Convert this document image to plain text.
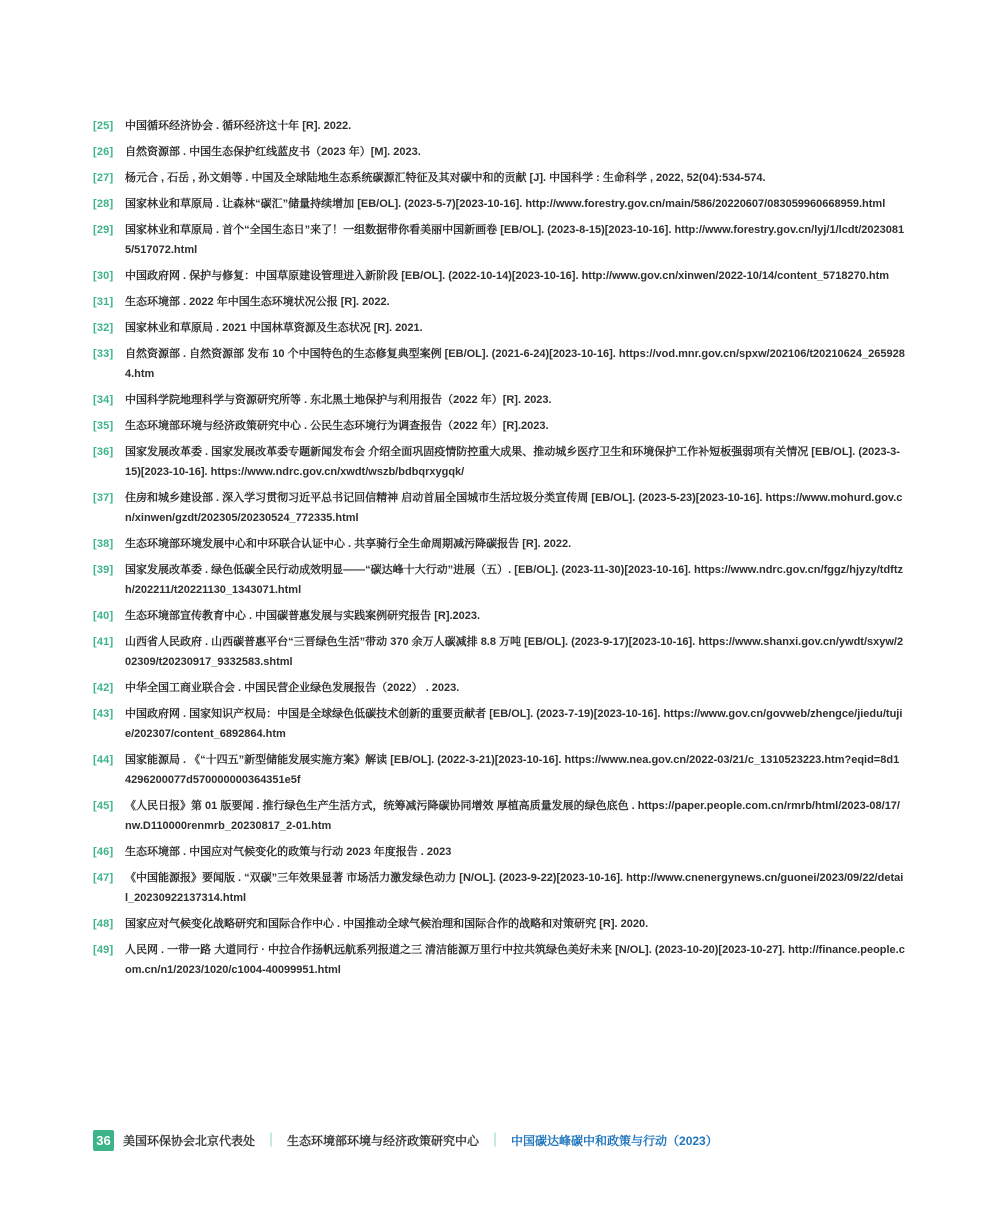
[25]	中国循环经济协会 . 循环经济这十年 [R]. 2022.
[26]	自然资源部 . 中国生态保护红线蓝皮书（2023 年）[M]. 2023.
[27]	杨元合 , 石岳 , 孙文娟等 . 中国及全球陆地生态系统碳源汇特征及其对碳中和的贡献 [J]. 中国科学 : 生命科学 , 2022, 52(04):534-574.
[28]	国家林业和草原局 . 让森林“碳汇”储量持续增加 [EB/OL]. (2023-5-7)[2023-10-16]. http://www.forestry.gov.cn/main/586/20220607/083059960668959.html
[29]	国家林业和草原局 . 首个“全国生态日”来了！一组数据带你看美丽中国新画卷 [EB/OL]. (2023-8-15)[2023-10-16]. http://www.forestry.gov.cn/lyj/1/lcdt/20230815/517072.html
[30]	中国政府网 . 保护与修复：中国草原建设管理进入新阶段 [EB/OL]. (2022-10-14)[2023-10-16]. http://www.gov.cn/xinwen/2022-10/14/content_5718270.htm
[31]	生态环境部 . 2022 年中国生态环境状况公报 [R]. 2022.
[32]	国家林业和草原局 . 2021 中国林草资源及生态状况 [R]. 2021.
[33]	自然资源部 . 自然资源部 发布 10 个中国特色的生态修复典型案例 [EB/OL]. (2021-6-24)[2023-10-16]. https://vod.mnr.gov.cn/spxw/202106/t20210624_2659284.htm
[34]	中国科学院地理科学与资源研究所等 . 东北黑土地保护与利用报告（2022 年）[R]. 2023.
[35]	生态环境部环境与经济政策研究中心 . 公民生态环境行为调查报告（2022 年）[R].2023.
[36]	国家发展改革委 . 国家发展改革委专题新闻发布会 介绍全面巩固疫情防控重大成果、推动城乡医疗卫生和环境保护工作补短板强弱项有关情况 [EB/OL]. (2023-3-15)[2023-10-16]. https://www.ndrc.gov.cn/xwdt/wszb/bdbqrxygqk/
[37]	住房和城乡建设部 . 深入学习贯彻习近平总书记回信精神 启动首届全国城市生活垃圾分类宣传周 [EB/OL]. (2023-5-23)[2023-10-16]. https://www.mohurd.gov.cn/xinwen/gzdt/202305/20230524_772335.html
[38]	生态环境部环境发展中心和中环联合认证中心 . 共享骑行全生命周期减污降碳报告 [R]. 2022.
[39]	国家发展改革委 . 绿色低碳全民行动成效明显——“碳达峰十大行动”进展（五）. [EB/OL]. (2023-11-30)[2023-10-16]. https://www.ndrc.gov.cn/fggz/hjyzy/tdftzh/202211/t20221130_1343071.html
[40]	生态环境部宣传教育中心 . 中国碳普惠发展与实践案例研究报告 [R].2023.
[41]	山西省人民政府 . 山西碳普惠平台“三晋绿色生活”带动 370 余万人碳减排 8.8 万吨 [EB/OL]. (2023-9-17)[2023-10-16]. https://www.shanxi.gov.cn/ywdt/sxyw/202309/t20230917_9332583.shtml
[42]	中华全国工商业联合会 . 中国民营企业绿色发展报告（2022） . 2023.
[43]	中国政府网 . 国家知识产权局：中国是全球绿色低碳技术创新的重要贡献者 [EB/OL]. (2023-7-19)[2023-10-16]. https://www.gov.cn/govweb/zhengce/jiedu/tujie/202307/content_6892864.htm
[44]	国家能源局 . 《“十四五”新型储能发展实施方案》解读 [EB/OL]. (2022-3-21)[2023-10-16]. https://www.nea.gov.cn/2022-03/21/c_1310523223.htm?eqid=8d14296200077d570000000364351e5f
[45]	《人民日报》第 01 版要闻 . 推行绿色生产生活方式，统筹减污降碳协同增效 厚植高质量发展的绿色底色 . https://paper.people.com.cn/rmrb/html/2023-08/17/nw.D110000renmrb_20230817_2-01.htm
[46]	生态环境部 . 中国应对气候变化的政策与行动 2023 年度报告 . 2023
[47]	《中国能源报》要闻版 . “双碳”三年效果显著 市场活力激发绿色动力 [N/OL]. (2023-9-22)[2023-10-16]. http://www.cnenergynews.cn/guonei/2023/09/22/detail_20230922137314.html
[48]	国家应对气候变化战略研究和国际合作中心 . 中国推动全球气候治理和国际合作的战略和对策研究 [R]. 2020.
[49]	人民网 . 一带一路 大道同行 · 中拉合作扬帆远航系列报道之三 清洁能源万里行中拉共筑绿色美好未来 [N/OL]. (2023-10-20)[2023-10-27]. http://finance.people.com.cn/n1/2023/1020/c1004-40099951.html
36 美国环保协会北京代表处 ｜ 生态环境部环境与经济政策研究中心 ｜ 中国碳达峰碳中和政策与行动（2023）
